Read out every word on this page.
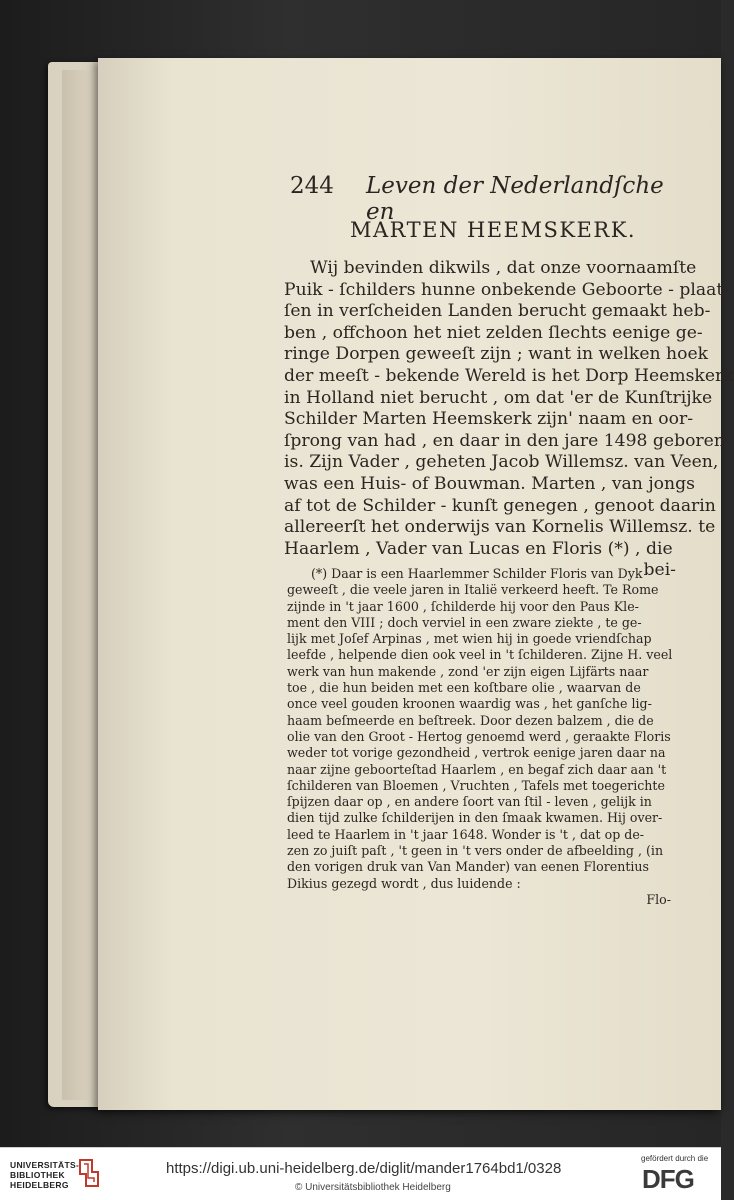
244 Leven der Nederlandſche en
MARTEN HEEMSKERK.
Wij bevinden dikwils , dat onze voornaamſte
Puik - ſchilders hunne onbekende Geboorte - plaat-
ſen in verſcheiden Landen berucht gemaakt heb-
ben , offchoon het niet zelden ſlechts eenige ge-
ringe Dorpen geweeſt zijn ; want in welken hoek
der meeſt - bekende Wereld is het Dorp Heemskerk
in Holland niet berucht , om dat 'er de Kunſtrijke
Schilder Marten Heemskerk zijn' naam en oor-
ſprong van had , en daar in den jare 1498 geboren
is. Zijn Vader , geheten Jacob Willemsz. van Veen,
was een Huis- of Bouwman. Marten , van jongs
af tot de Schilder - kunſt genegen , genoot daarin
allereerſt het onderwijs van Kornelis Willemsz. te
Haarlem , Vader van Lucas en Floris (*) , die
bei-
(*) Daar is een Haarlemmer Schilder Floris van Dyk
geweeſt , die veele jaren in Italië verkeerd heeft. Te Rome
zijnde in 't jaar 1600 , ſchilderde hij voor den Paus Kle-
ment den VIII ; doch verviel in een zware ziekte , te ge-
lijk met Joſef Arpinas , met wien hij in goede vriendſchap
leefde , helpende dien ook veel in 't ſchilderen. Zijne H. veel
werk van hun makende , zond 'er zijn eigen Lijfärts naar
toe , die hun beiden met een koſtbare olie , waarvan de
once veel gouden kroonen waardig was , het ganſche lig-
haam beſmeerde en beſtreek. Door dezen balzem , die de
olie van den Groot - Hertog genoemd werd , geraakte Floris
weder tot vorige gezondheid , vertrok eenige jaren daar na
naar zijne geboorteſtad Haarlem , en begaf zich daar aan 't
ſchilderen van Bloemen , Vruchten , Tafels met toegerichte
ſpijzen daar op , en andere ſoort van ſtil - leven , gelijk in
dien tijd zulke ſchilderijen in den ſmaak kwamen. Hij over-
leed te Haarlem in 't jaar 1648. Wonder is 't , dat op de-
zen zo juiſt paſt , 't geen in 't vers onder de afbeelding , (in
den vorigen druk van Van Mander) van eenen Florentius
Dikius gezegd wordt , dus luidende :
Flo-
UNIVERSITÄTS-
BIBLIOTHEK
HEIDELBERG
https://digi.ub.uni-heidelberg.de/diglit/mander1764bd1/0328
© Universitätsbibliothek Heidelberg
gefördert durch die
DFG
